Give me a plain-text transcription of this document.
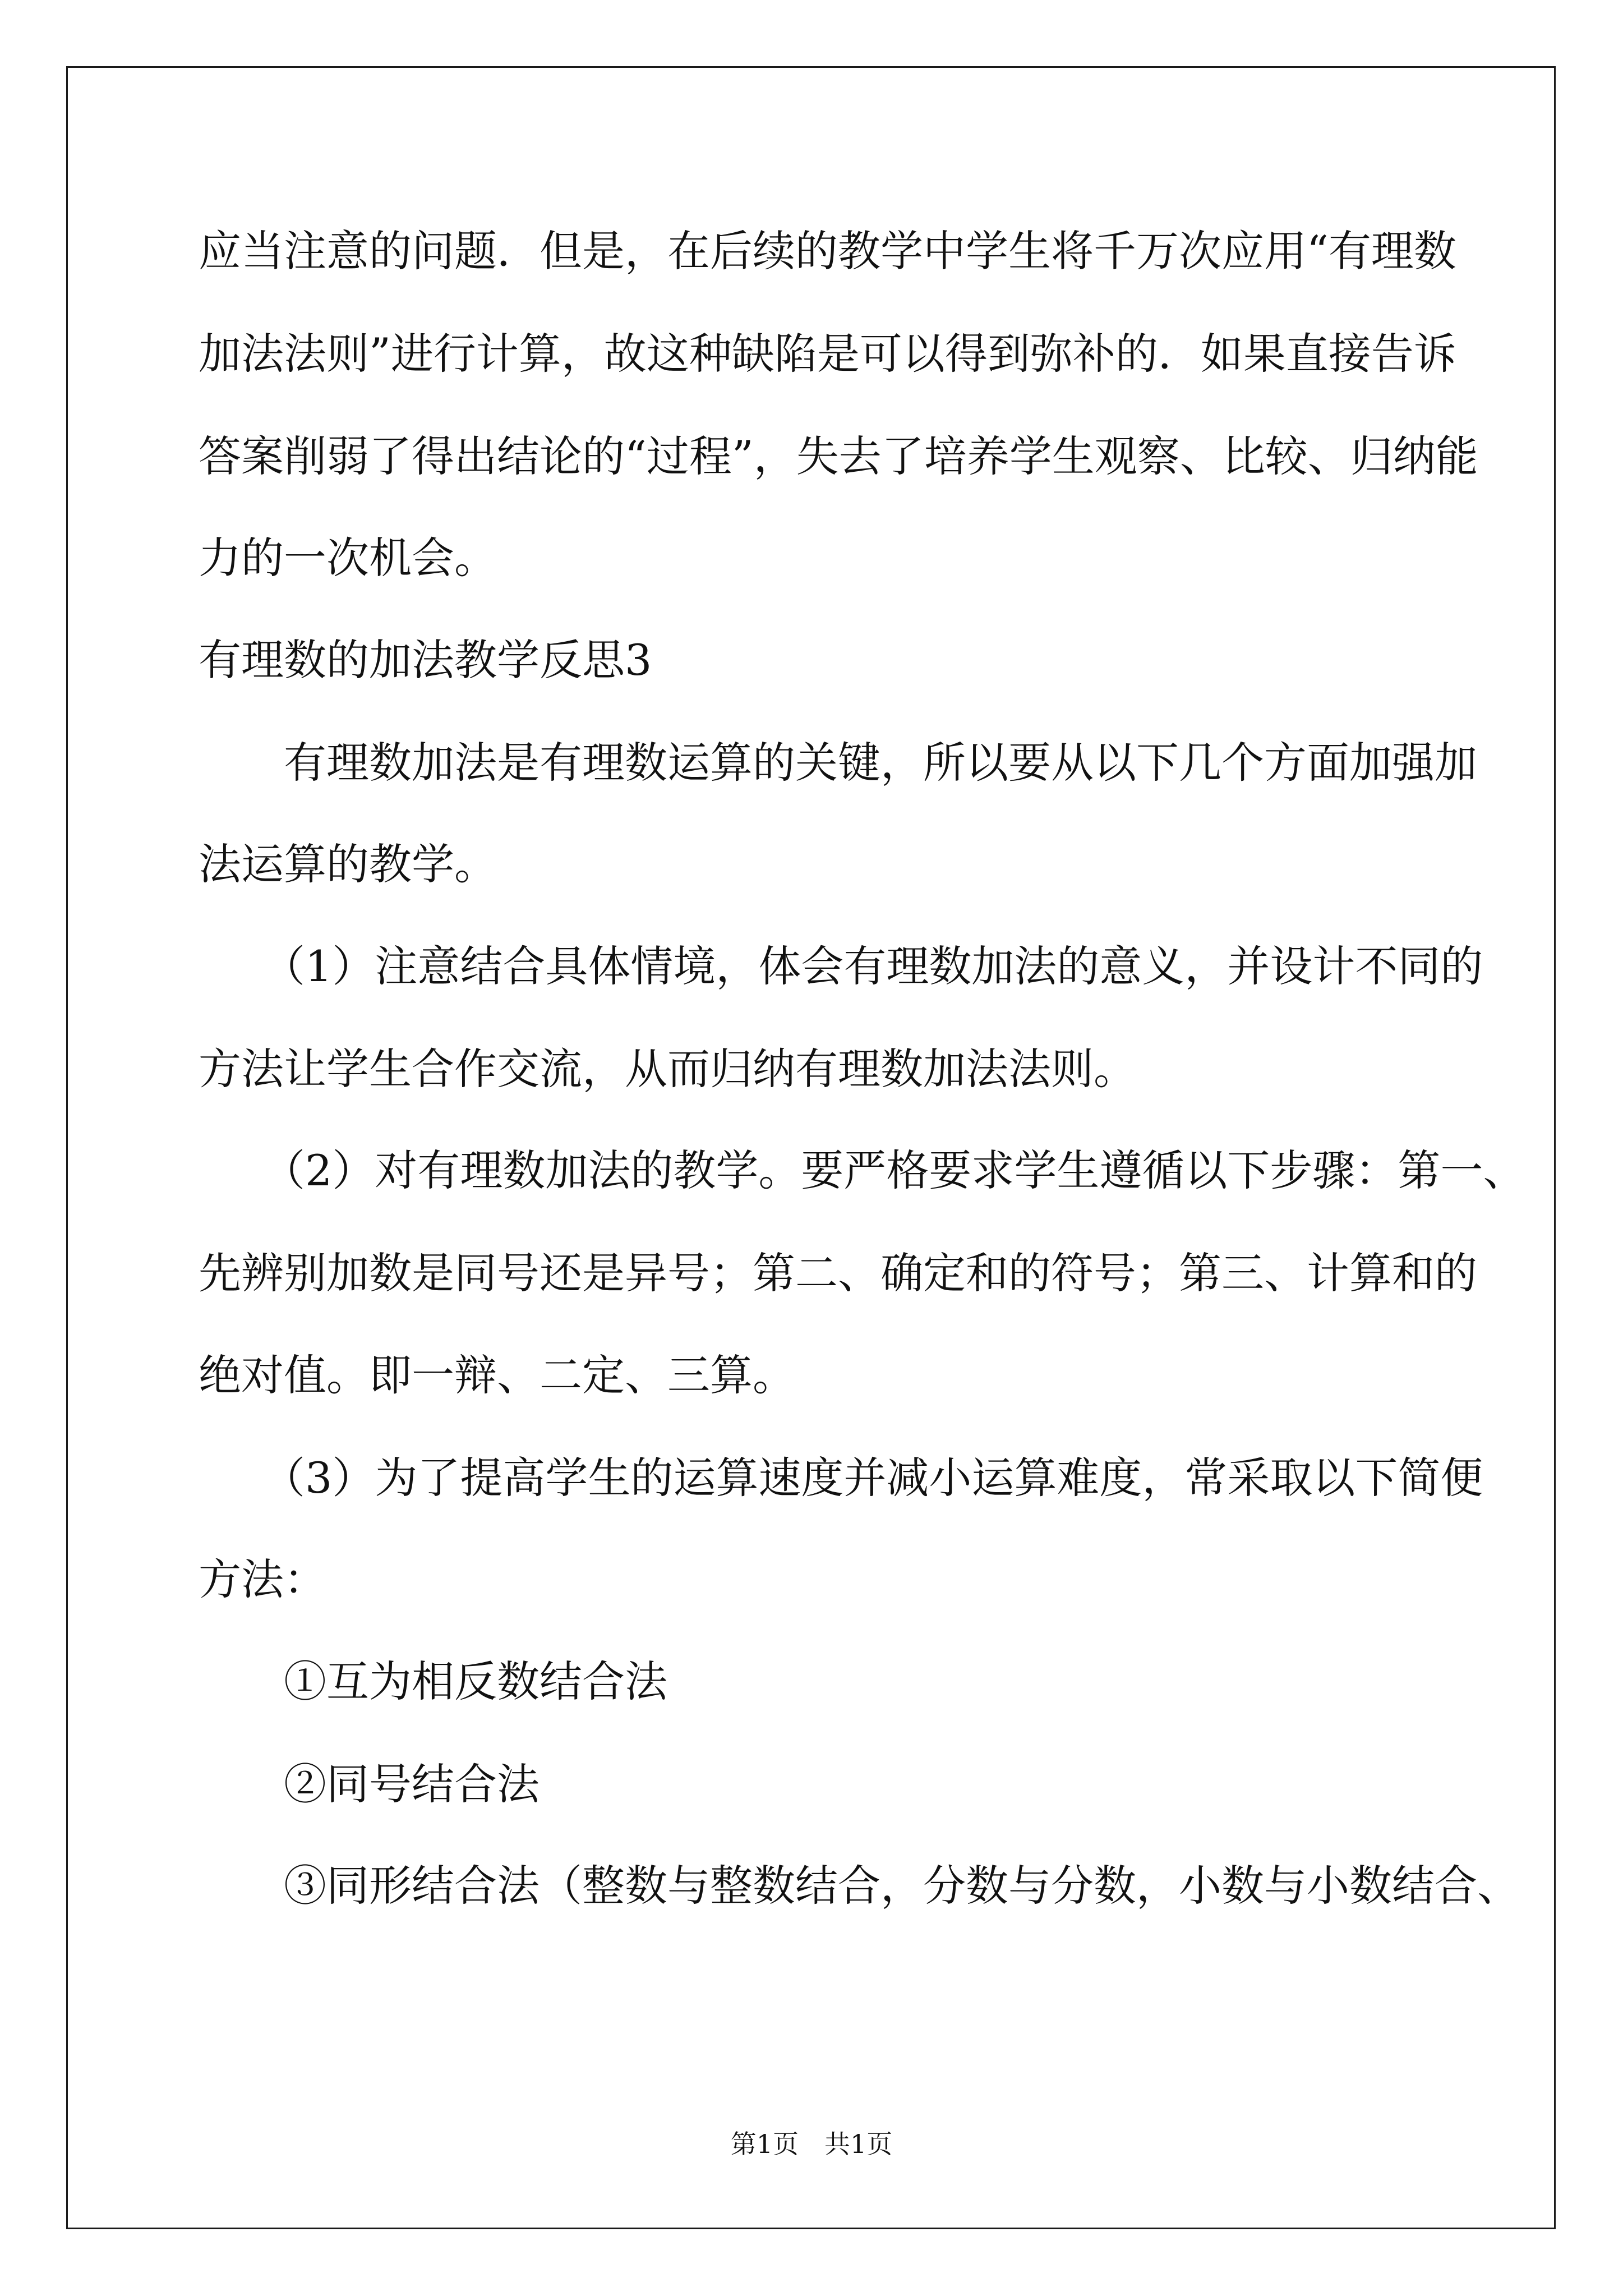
应当注意的问题．但是，在后续的教学中学生将千万次应用“有理数
加法法则”进行计算，故这种缺陷是可以得到弥补的．如果直接告诉
答案削弱了得出结论的“过程”，失去了培养学生观察、比较、归纳能
力的一次机会。
有理数的加法教学反思3
　　有理数加法是有理数运算的关键，所以要从以下几个方面加强加
法运算的教学。
　　（1）注意结合具体情境，体会有理数加法的意义，并设计不同的
方法让学生合作交流，从而归纳有理数加法法则。
　　（2）对有理数加法的教学。要严格要求学生遵循以下步骤：第一、
先辨别加数是同号还是异号；第二、确定和的符号；第三、计算和的
绝对值。即一辩、二定、三算。
　　（3）为了提高学生的运算速度并减小运算难度，常采取以下简便
方法：
　　①互为相反数结合法
　　②同号结合法
　　③同形结合法（整数与整数结合，分数与分数，小数与小数结合、
第1页　共1页
